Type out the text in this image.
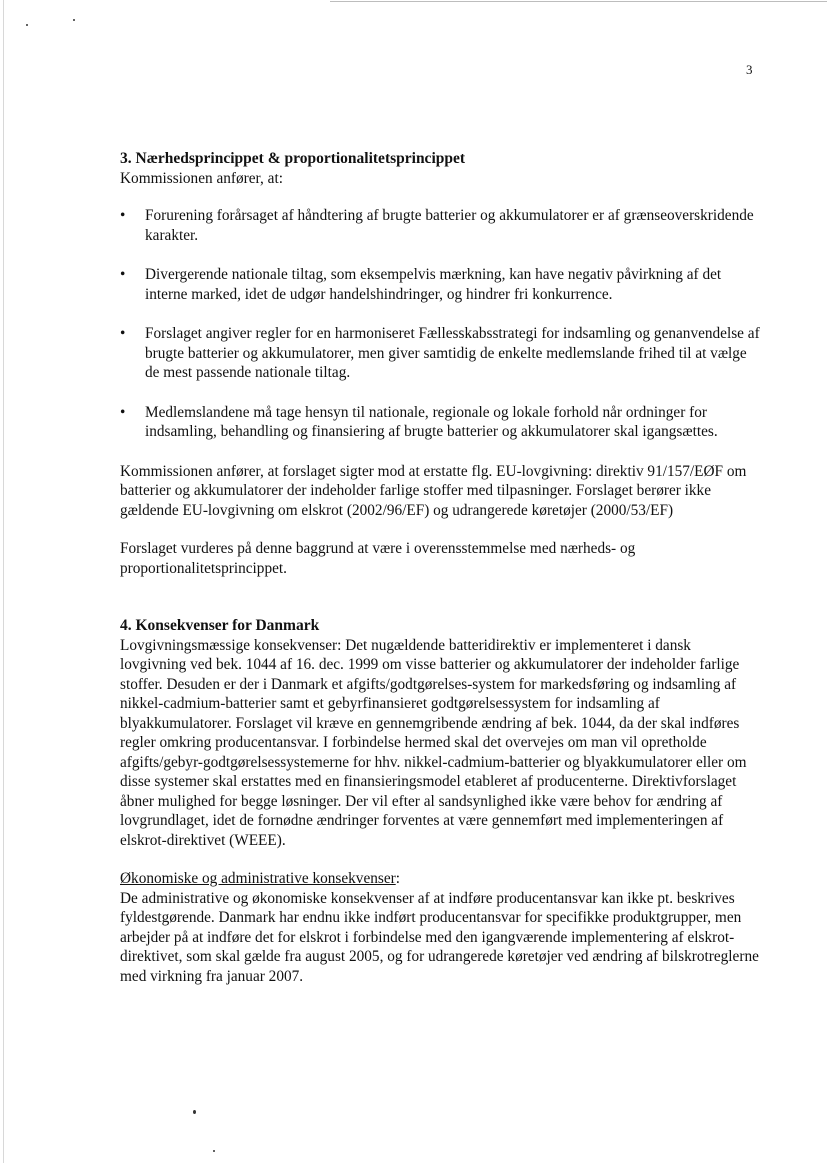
3
3. Nærhedsprincippet & proportionalitetsprincippet

Kommissionen anfører, at:

• Forurening forårsaget af håndtering af brugte batterier og akkumulatorer er af grænseoverskridende karakter.
• Divergerende nationale tiltag, som eksempelvis mærkning, kan have negativ påvirkning af det interne marked, idet de udgør handelshindringer, og hindrer fri konkurrence.
• Forslaget angiver regler for en harmoniseret Fællesskabsstrategi for indsamling og genanvendelse af brugte batterier og akkumulatorer, men giver samtidig de enkelte medlemslande frihed til at vælge de mest passende nationale tiltag.
• Medlemslandene må tage hensyn til nationale, regionale og lokale forhold når ordninger for indsamling, behandling og finansiering af brugte batterier og akkumulatorer skal igangsættes.

Kommissionen anfører, at forslaget sigter mod at erstatte flg. EU-lovgivning: direktiv 91/157/EØF om batterier og akkumulatorer der indeholder farlige stoffer med tilpasninger. Forslaget berører ikke gældende EU-lovgivning om elskrot (2002/96/EF) og udrangerede køretøjer (2000/53/EF)

Forslaget vurderes på denne baggrund at være i overensstemmelse med nærheds- og proportionalitetsprincippet.

4. Konsekvenser for Danmark

Lovgivningsmæssige konsekvenser: Det nugældende batteridirektiv er implementeret i dansk lovgivning ved bek. 1044 af 16. dec. 1999 om visse batterier og akkumulatorer der indeholder farlige stoffer. Desuden er der i Danmark et afgifts/godtgørelses-system for markedsføring og indsamling af nikkel-cadmium-batterier samt et gebyrfinansieret godtgørelsessystem for indsamling af blyakkumulatorer. Forslaget vil kræve en gennemgribende ændring af bek. 1044, da der skal indføres regler omkring producentansvar. I forbindelse hermed skal det overvejes om man vil opretholde afgifts/gebyr-godtgørelsessystemerne for hhv. nikkel-cadmium-batterier og blyakkumulatorer eller om disse systemer skal erstattes med en finansieringsmodel etableret af producenterne. Direktivforslaget åbner mulighed for begge løsninger. Der vil efter al sandsynlighed ikke være behov for ændring af lovgrundlaget, idet de fornødne ændringer forventes at være gennemført med implementeringen af elskrot-direktivet (WEEE).

Økonomiske og administrative konsekvenser:

De administrative og økonomiske konsekvenser af at indføre producentansvar kan ikke pt. beskrives fyldestgørende. Danmark har endnu ikke indført producentansvar for specifikke produktgrupper, men arbejder på at indføre det for elskrot i forbindelse med den igangværende implementering af elskrot-direktivet, som skal gælde fra august 2005, og for udrangerede køretøjer ved ændring af bilskrotreglerne med virkning fra januar 2007.
